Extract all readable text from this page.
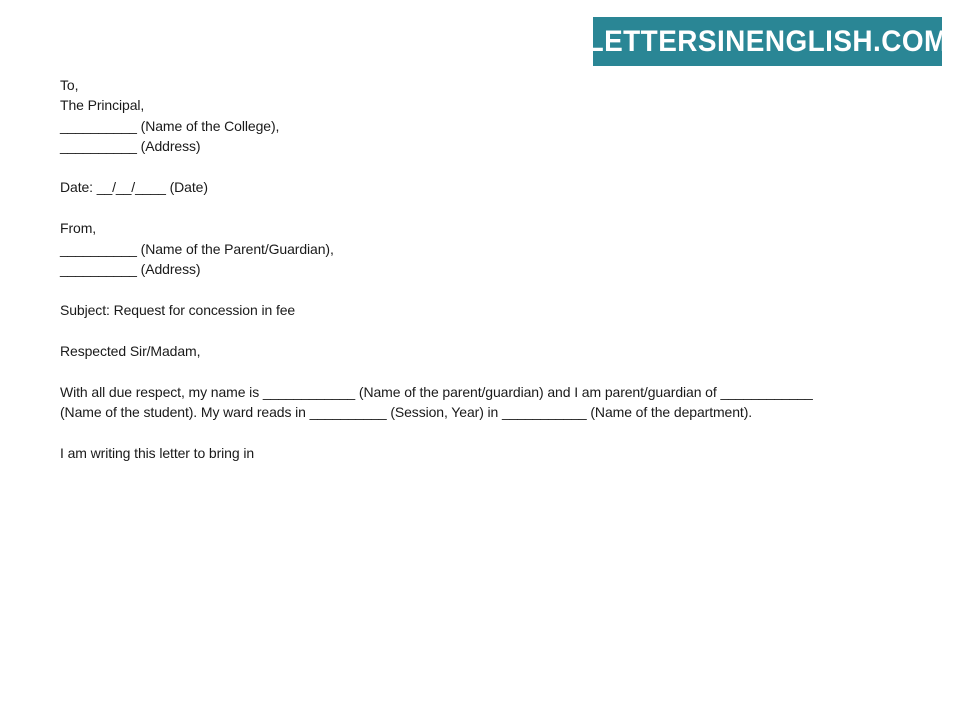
LETTERSINENGLISH.COM
To,
The Principal,
__________ (Name of the College),
__________ (Address)
Date: __/__/____ (Date)
From,
__________ (Name of the Parent/Guardian),
__________ (Address)
Subject: Request for concession in fee
Respected Sir/Madam,
With all due respect, my name is ____________ (Name of the parent/guardian) and I am parent/guardian of ____________
(Name of the student). My ward reads in __________ (Session, Year) in ___________ (Name of the department).
I am writing this letter to bring in
